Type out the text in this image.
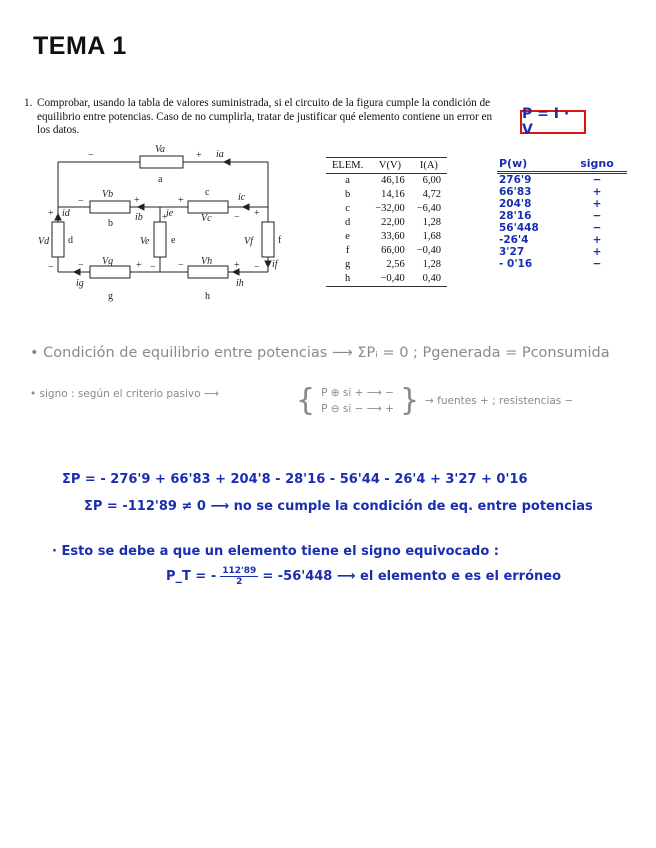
TEMA 1
1. Comprobar, usando la tabla de valores suministrada, si el circuito de la figura cumple la condición de equilibrio entre potencias. Caso de no cumplirla, tratar de justificar qué elemento contiene un error en los datos.
P = I · V
Va
Vb
Vc
Vd	Ve	Vf
Vg	Vh
ia
ib
ic
id	ie
if
ig	ih
a
b
c
d	e	f
g	h
−	+
−	+	+
−
+
−
+
−
+
−
−	+	−	+
ELEM.	V(V)	I(A)
a	46,16	6,00
b	14,16	4,72
c	−32,00	−6,40
d	22,00	1,28
e	33,60	1,68
f	66,00	−0,40
g	2,56	1,28
h	−0,40	0,40
P(w)	signo
276'9	−
66'83	+
204'8	+
28'16	−
56'448	−
-26'4	+
3'27	+
- 0'16	−
• Condición de equilibrio entre potencias ⟶ ΣPᵢ = 0 ; Pgenerada = Pconsumida
• signo : según el criterio pasivo ⟶	{ P ⊕ si + ⟶ −
P ⊖ si − ⟶ + } → fuentes + ; resistencias −
ΣP = - 276'9 + 66'83 + 204'8 - 28'16 - 56'44 - 26'4 + 3'27 + 0'16
ΣP = -112'89 ≠ 0 ⟶ no se cumple la condición de eq. entre potencias
· Esto se debe a que un elemento tiene el signo equivocado :
P_T = - $\frac{112'89}{2} = -56'448$ ⟶ el elemento e es el erróneo
